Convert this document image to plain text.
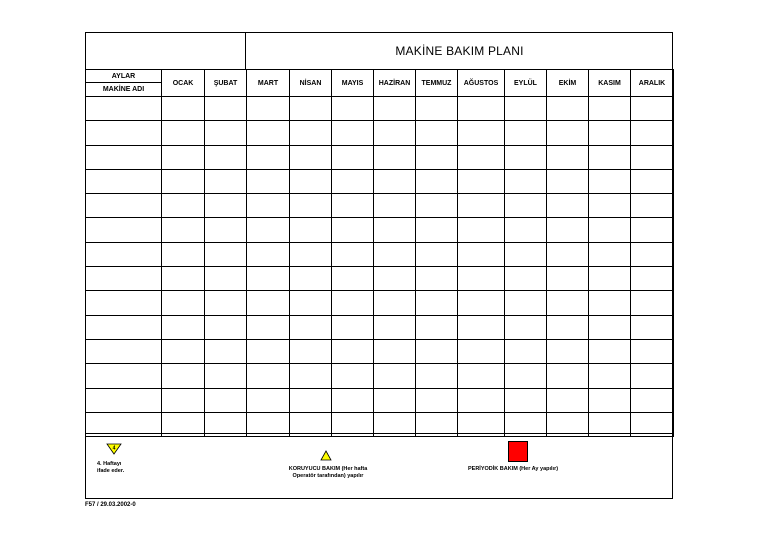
MAKİNE BAKIM PLANI
AYLAR
MAKİNE ADI	OCAK	ŞUBAT	MART	NİSAN	MAYIS	HAZİRAN	TEMMUZ	AĞUSTOS	EYLÜL	EKİM	KASIM	ARALIK

4
4. Haftayı
ifade eder.	KORUYUCU BAKIM (Her hafta Operatör tarafından) yapılır
PERİYODİK BAKIM (Her Ay yapılır)
F57 / 29.03.2002-0
